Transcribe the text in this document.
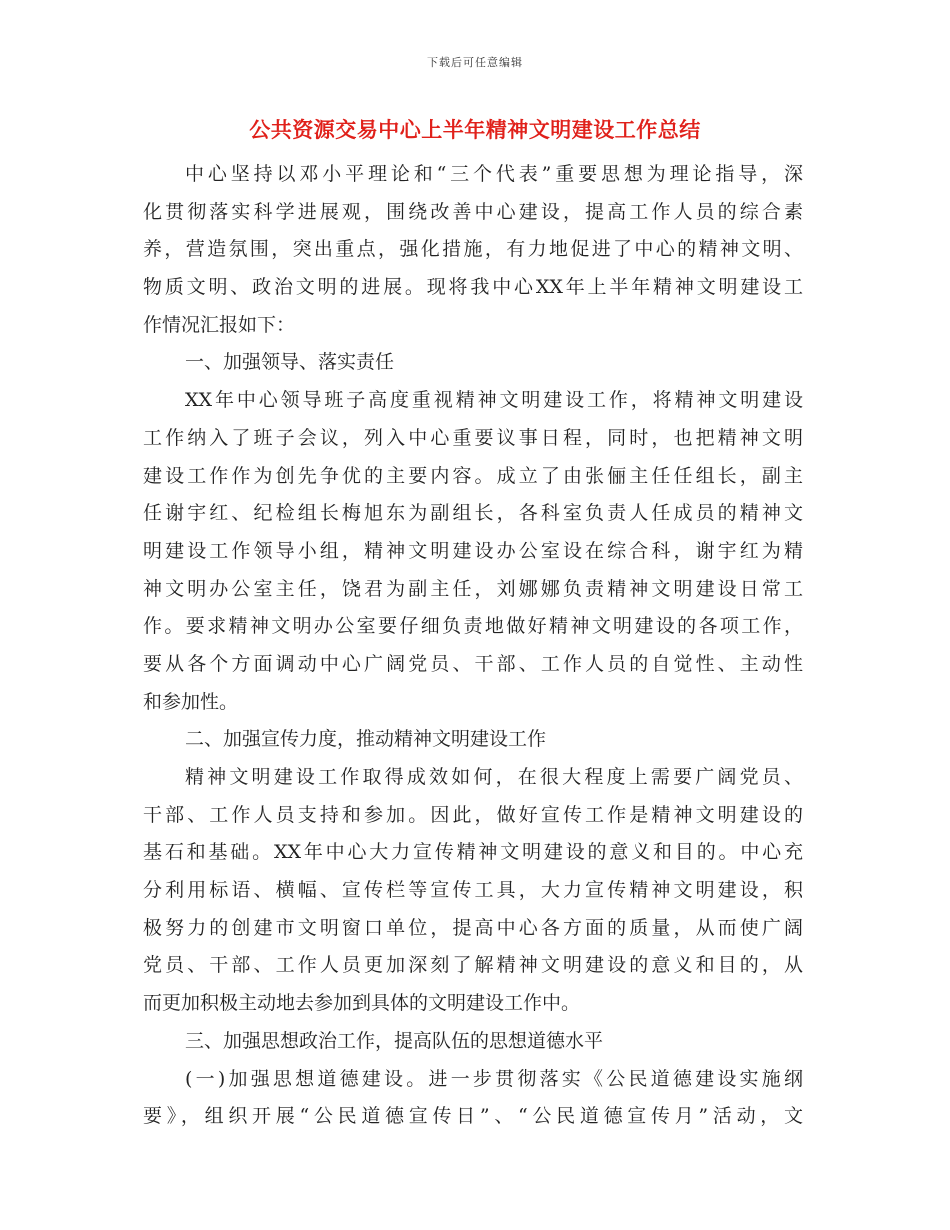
下载后可任意编辑
公共资源交易中心上半年精神文明建设工作总结
中心坚持以邓小平理论和“三个代表”重要思想为理论指导，深
化贯彻落实科学进展观，围绕改善中心建设，提高工作人员的综合素
养，营造氛围，突出重点，强化措施，有力地促进了中心的精神文明、
物质文明、政治文明的进展。现将我中心XX年上半年精神文明建设工
作情况汇报如下：
一、加强领导、落实责任
XX年中心领导班子高度重视精神文明建设工作，将精神文明建设
工作纳入了班子会议，列入中心重要议事日程，同时，也把精神文明
建设工作作为创先争优的主要内容。成立了由张俪主任任组长，副主
任谢宇红、纪检组长梅旭东为副组长，各科室负责人任成员的精神文
明建设工作领导小组，精神文明建设办公室设在综合科，谢宇红为精
神文明办公室主任，饶君为副主任，刘娜娜负责精神文明建设日常工
作。要求精神文明办公室要仔细负责地做好精神文明建设的各项工作，
要从各个方面调动中心广阔党员、干部、工作人员的自觉性、主动性
和参加性。
二、加强宣传力度，推动精神文明建设工作
精神文明建设工作取得成效如何，在很大程度上需要广阔党员、
干部、工作人员支持和参加。因此，做好宣传工作是精神文明建设的
基石和基础。XX年中心大力宣传精神文明建设的意义和目的。中心充
分利用标语、横幅、宣传栏等宣传工具，大力宣传精神文明建设，积
极努力的创建市文明窗口单位，提高中心各方面的质量，从而使广阔
党员、干部、工作人员更加深刻了解精神文明建设的意义和目的，从
而更加积极主动地去参加到具体的文明建设工作中。
三、加强思想政治工作，提高队伍的思想道德水平
(一)加强思想道德建设。进一步贯彻落实《公民道德建设实施纲
要》，组织开展“公民道德宣传日”、“公民道德宣传月”活动，文
